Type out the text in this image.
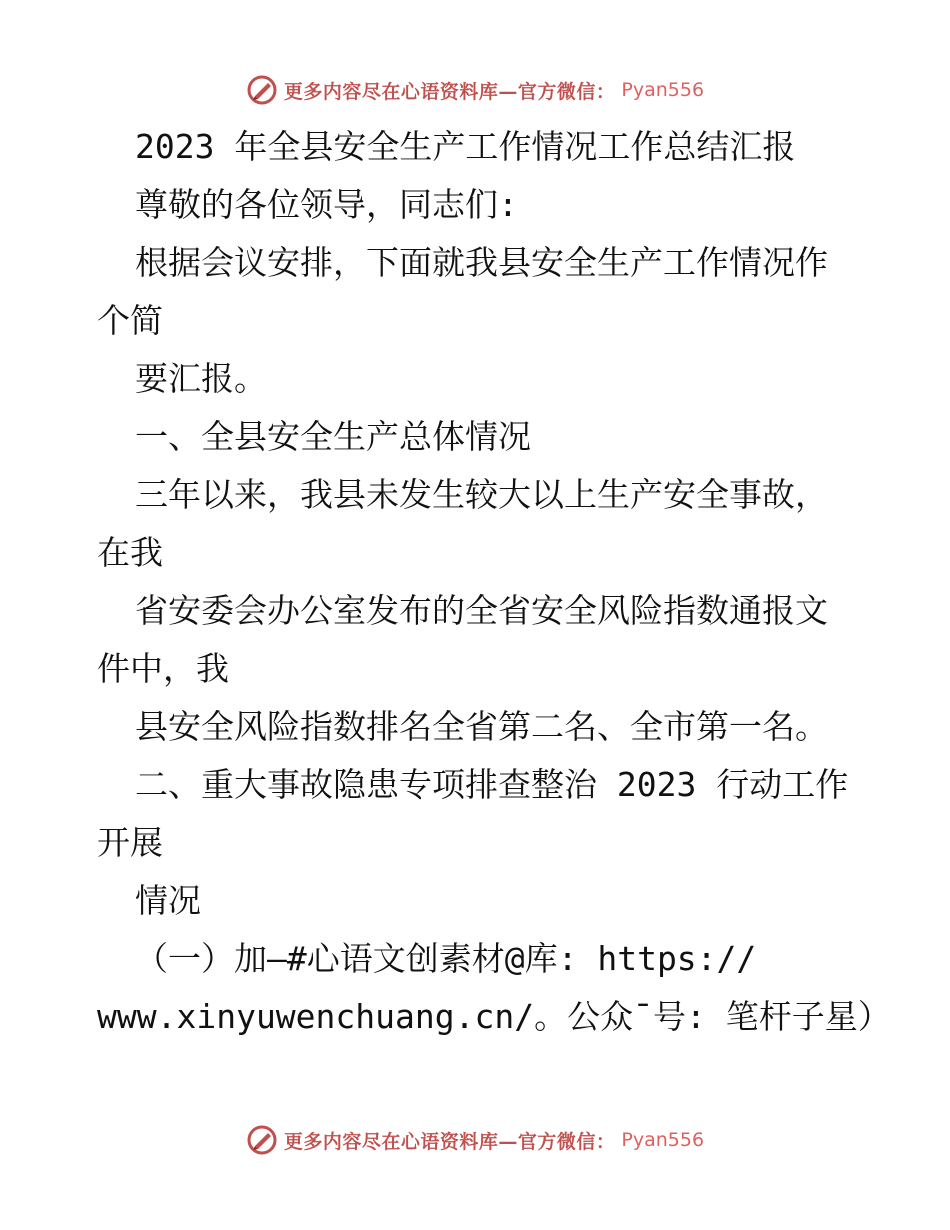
更多内容尽在心语资料库—官方微信： Pyan556
2023 年全县安全生产工作情况工作总结汇报
尊敬的各位领导，同志们:
根据会议安排，下面就我县安全生产工作情况作
个简
要汇报。
一、全县安全生产总体情况
三年以来，我县未发生较大以上生产安全事故，
在我
省安委会办公室发布的全省安全风险指数通报文
件中，我
县安全风险指数排名全省第二名、全市第一名。
二、重大事故隐患专项排查整治 2023 行动工作
开展
情况
（一）加—#心语文创素材@库: https://
www.xinyuwenchuang.cn/。公众¯号: 笔杆子星）
更多内容尽在心语资料库—官方微信： Pyan556
